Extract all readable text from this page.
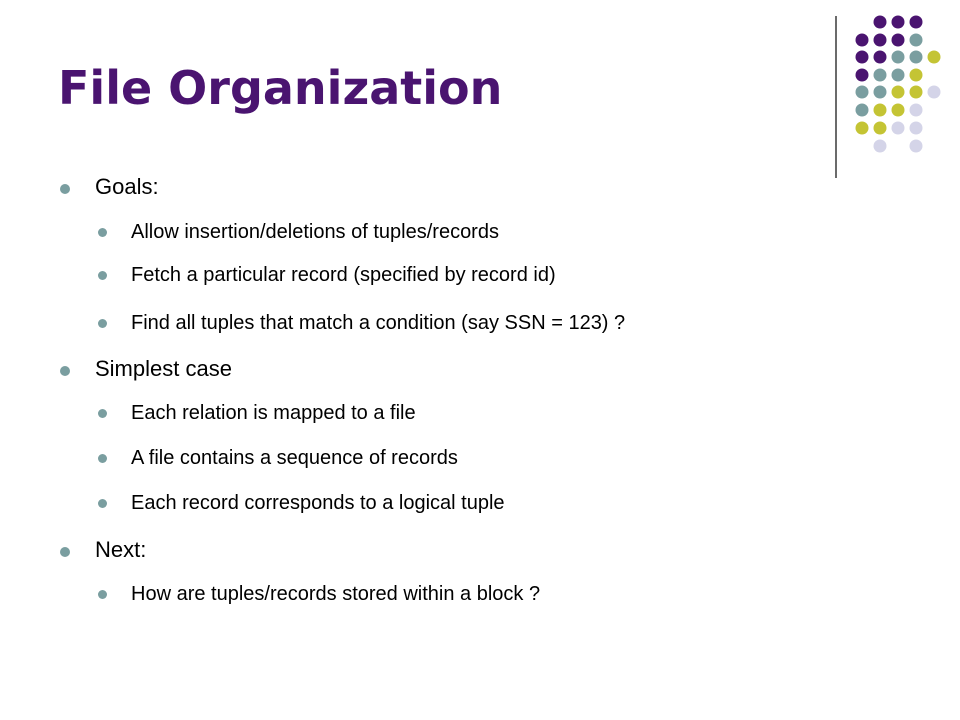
File Organization
Goals:
Allow insertion/deletions of tuples/records
Fetch a particular record (specified by record id)
Find all tuples that match a condition (say SSN = 123) ?
Simplest case
Each relation is mapped to a file
A file contains a sequence of records
Each record corresponds to a logical tuple
Next:
How are tuples/records stored within a block ?
